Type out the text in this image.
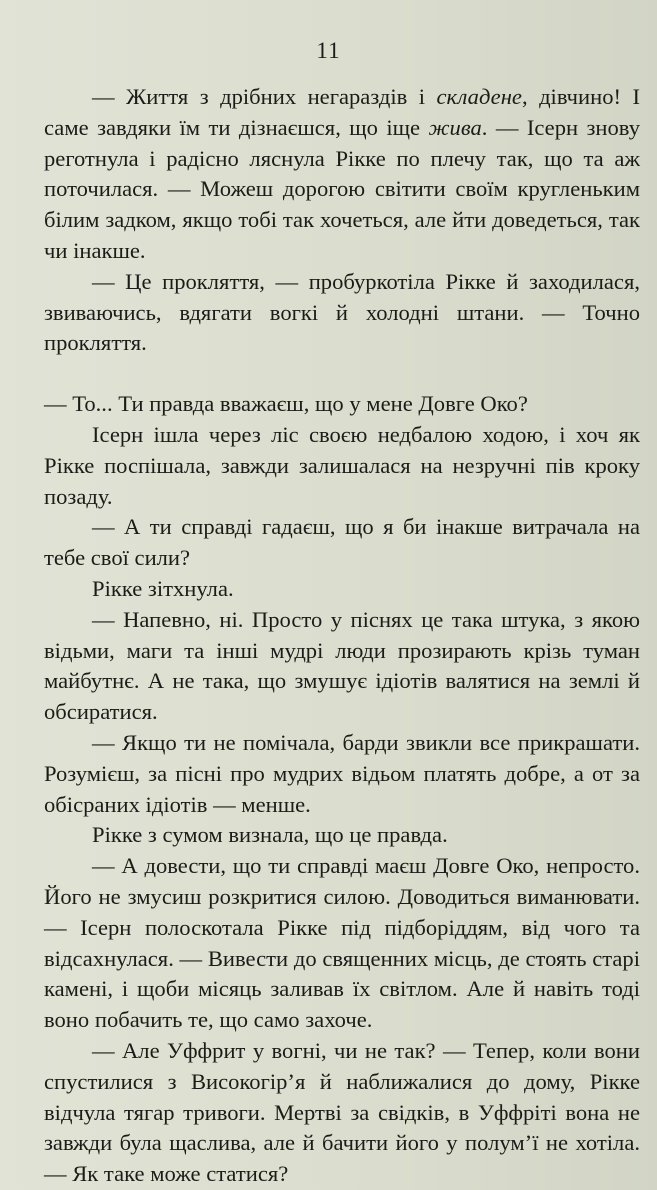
11

— Життя з дрібних негараздів і складене, дівчино! І саме завдяки їм ти дізнаєшся, що іще жива. — Ісерн знову реготнула і радісно ляснула Рікке по плечу так, що та аж поточилася. — Можеш дорогою світити своїм кругленьким білим задком, якщо тобі так хочеться, але йти доведеться, так чи інакше.

— Це прокляття, — пробуркотіла Рікке й заходилася, звиваючись, вдягати вогкі й холодні штани. — Точно прокляття.

— То... Ти правда вважаєш, що у мене Довге Око?

Ісерн ішла через ліс своєю недбалою ходою, і хоч як Рікке поспішала, завжди залишалася на незручні пів кроку позаду.

— А ти справді гадаєш, що я би інакше витрачала на тебе свої сили?

Рікке зітхнула.

— Напевно, ні. Просто у піснях це така штука, з якою відьми, маги та інші мудрі люди прозирають крізь туман майбутнє. А не така, що змушує ідіотів валятися на землі й обсиратися.

— Якщо ти не помічала, барди звикли все прикрашати. Розумієш, за пісні про мудрих відьом платять добре, а от за обісраних ідіотів — менше.

Рікке з сумом визнала, що це правда.

— А довести, що ти справді маєш Довге Око, непросто. Його не змусиш розкритися силою. Доводиться виманювати. — Ісерн полоскотала Рікке під підборіддям, від чого та відсахнулася. — Вивести до священних місць, де стоять старі камені, і щоби місяць заливав їх світлом. Але й навіть тоді воно побачить те, що само захоче.

— Але Уффрит у вогні, чи не так? — Тепер, коли вони спустилися з Високогір’я й наближалися до дому, Рікке відчула тягар тривоги. Мертві за свідків, в Уффріті вона не завжди була щаслива, але й бачити його у полум’ї не хотіла. — Як таке може статися?
